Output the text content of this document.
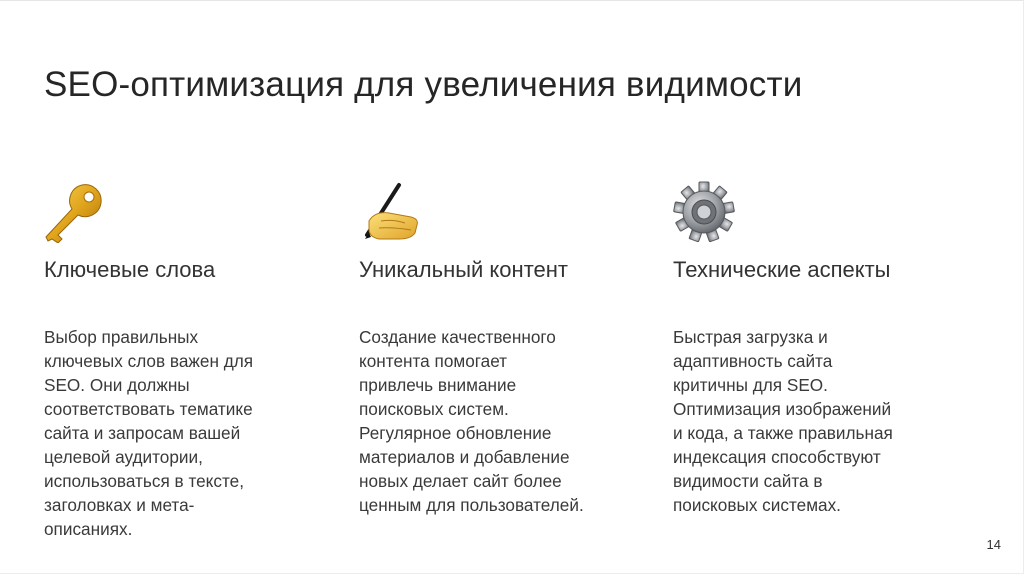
SEO-оптимизация для увеличения видимости
Ключевые слова
Выбор правильных
ключевых слов важен для
SEO. Они должны
соответствовать тематике
сайта и запросам вашей
целевой аудитории,
использоваться в тексте,
заголовках и мета-
описаниях.
Уникальный контент
Создание качественного
контента помогает
привлечь внимание
поисковых систем.
Регулярное обновление
материалов и добавление
новых делает сайт более
ценным для пользователей.
Технические аспекты
Быстрая загрузка и
адаптивность сайта
критичны для SEO.
Оптимизация изображений
и кода, а также правильная
индексация способствуют
видимости сайта в
поисковых системах.
14
